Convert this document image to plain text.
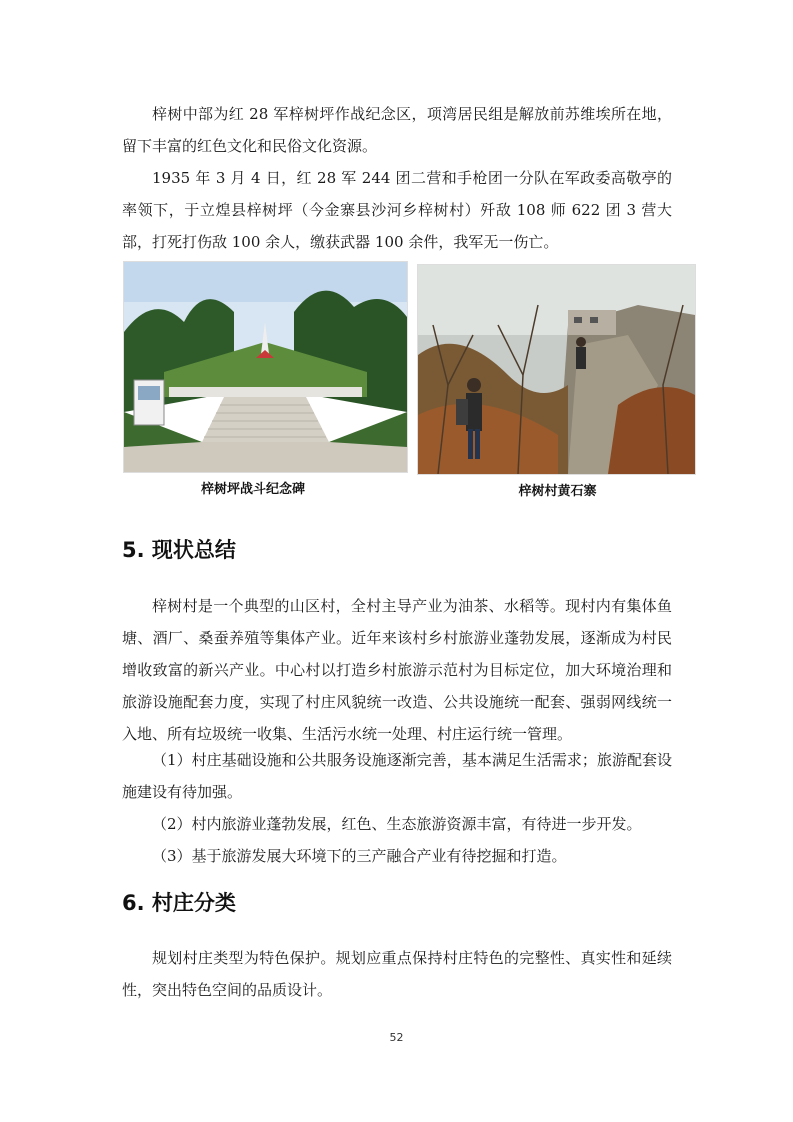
梓树中部为红 28 军梓树坪作战纪念区，项湾居民组是解放前苏维埃所在地，留下丰富的红色文化和民俗文化资源。

1935 年 3 月 4 日，红 28 军 244 团二营和手枪团一分队在军政委高敬亭的率领下，于立煌县梓树坪（今金寨县沙河乡梓树村）歼敌 108 师 622 团 3 营大部，打死打伤敌 100 余人，缴获武器 100 余件，我军无一伤亡。

梓树坪战斗纪念碑	梓树村黄石寨

5. 现状总结

梓树村是一个典型的山区村，全村主导产业为油茶、水稻等。现村内有集体鱼塘、酒厂、桑蚕养殖等集体产业。近年来该村乡村旅游业蓬勃发展，逐渐成为村民增收致富的新兴产业。中心村以打造乡村旅游示范村为目标定位，加大环境治理和旅游设施配套力度，实现了村庄风貌统一改造、公共设施统一配套、强弱网线统一入地、所有垃圾统一收集、生活污水统一处理、村庄运行统一管理。

（1）村庄基础设施和公共服务设施逐渐完善，基本满足生活需求；旅游配套设施建设有待加强。

（2）村内旅游业蓬勃发展，红色、生态旅游资源丰富，有待进一步开发。

（3）基于旅游发展大环境下的三产融合产业有待挖掘和打造。

6. 村庄分类

规划村庄类型为特色保护。规划应重点保持村庄特色的完整性、真实性和延续性，突出特色空间的品质设计。

52
